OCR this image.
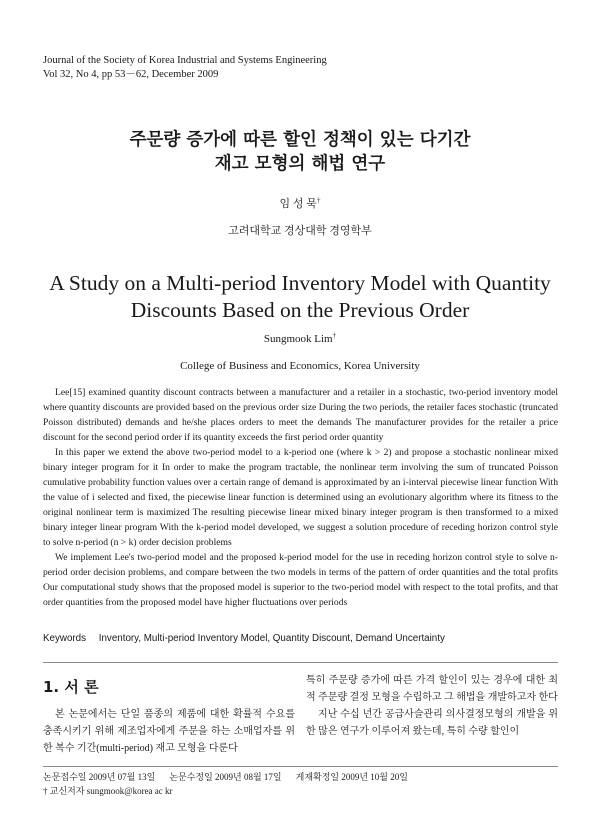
Journal of the Society of Korea Industrial and Systems Engineering
Vol 32, No 4, pp 53－62, December 2009
주문량 증가에 따른 할인 정책이 있는 다기간
재고 모형의 해법 연구
임 성 묵†
고려대학교 경상대학 경영학부
A Study on a Multi-period Inventory Model with Quantity
Discounts Based on the Previous Order
Sungmook Lim†
College of Business and Economics, Korea University

Lee[15] examined quantity discount contracts between a manufacturer and a retailer in a stochastic, two-period inventory model where quantity discounts are provided based on the previous order size During the two periods, the retailer faces stochastic (truncated Poisson distributed) demands and he/she places orders to meet the demands The manufacturer provides for the retailer a price discount for the second period order if its quantity exceeds the first period order quantity

In this paper we extend the above two-period model to a k-period one (where k > 2) and propose a stochastic nonlinear mixed binary integer program for it In order to make the program tractable, the nonlinear term involving the sum of truncated Poisson cumulative probability function values over a certain range of demand is approximated by an i-interval piecewise linear function With the value of i selected and fixed, the piecewise linear function is determined using an evolutionary algorithm where its fitness to the original nonlinear term is maximized The resulting piecewise linear mixed binary integer program is then transformed to a mixed binary integer linear program With the k-period model developed, we suggest a solution procedure of receding horizon control style to solve n-period (n > k) order decision problems

We implement Lee's two-period model and the proposed k-period model for the use in receding horizon control style to solve n-period order decision problems, and compare between the two models in terms of the pattern of order quantities and the total profits Our computational study shows that the proposed model is superior to the two-period model with respect to the total profits, and that order quantities from the proposed model have higher fluctuations over periods

Keywords Inventory, Multi-period Inventory Model, Quantity Discount, Demand Uncertainty
1. 서 론

본 논문에서는 단일 품종의 제품에 대한 확률적 수요를 충족시키기 위해 제조업자에게 주문을 하는 소매업자를 위한 복수 기간(multi-period) 재고 모형을 다룬다

특히 주문량 증가에 따른 가격 할인이 있는 경우에 대한 최적 주문량 결정 모형을 수립하고 그 해법을 개발하고자 한다

지난 수십 년간 공급사슬관리 의사결정모형의 개발을 위한 많은 연구가 이루어져 왔는데, 특히 수량 할인이

논문접수일 2009년 07월 13일 논문수정일 2009년 08월 17일 게재확정일 2009년 10월 20일
† 교신저자 sungmook@korea ac kr
